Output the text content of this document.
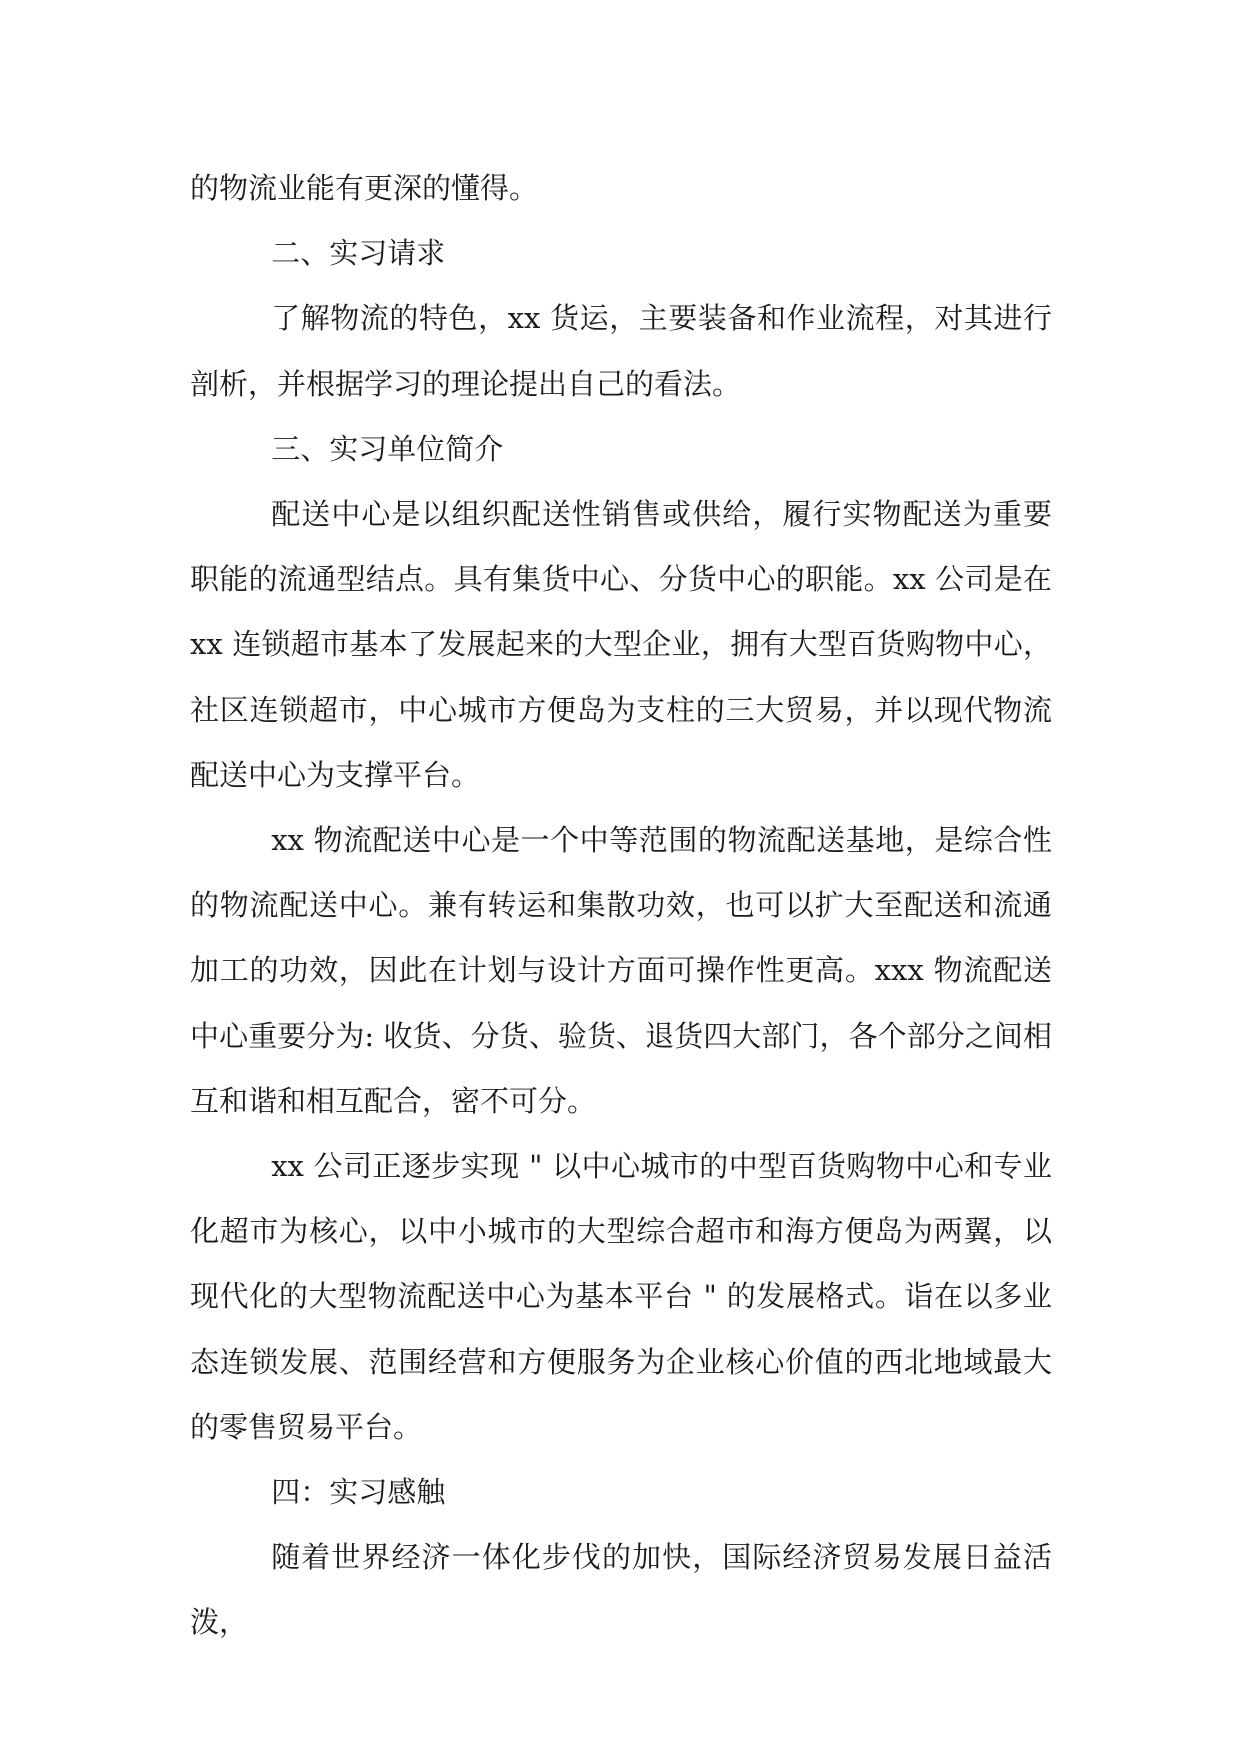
的物流业能有更深的懂得。

二、实习请求

了解物流的特色，xx 货运，主要装备和作业流程，对其进行剖析，并根据学习的理论提出自己的看法。

三、实习单位简介

配送中心是以组织配送性销售或供给，履行实物配送为重要职能的流通型结点。具有集货中心、分货中心的职能。xx 公司是在 xx 连锁超市基本了发展起来的大型企业，拥有大型百货购物中心，社区连锁超市，中心城市方便岛为支柱的三大贸易，并以现代物流配送中心为支撑平台。

xx 物流配送中心是一个中等范围的物流配送基地，是综合性的物流配送中心。兼有转运和集散功效，也可以扩大至配送和流通加工的功效，因此在计划与设计方面可操作性更高。xxx 物流配送中心重要分为: 收货、分货、验货、退货四大部门，各个部分之间相互和谐和相互配合，密不可分。

xx 公司正逐步实现 " 以中心城市的中型百货购物中心和专业化超市为核心，以中小城市的大型综合超市和海方便岛为两翼，以现代化的大型物流配送中心为基本平台 " 的发展格式。诣在以多业态连锁发展、范围经营和方便服务为企业核心价值的西北地域最大的零售贸易平台。

四：实习感触

随着世界经济一体化步伐的加快，国际经济贸易发展日益活泼，
